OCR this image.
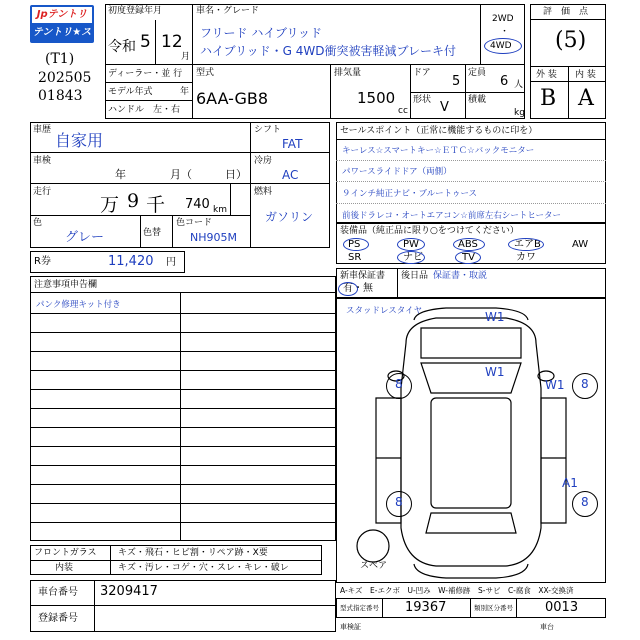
Jpテントリ
テントリ★スター
(T1)
202505
01843
初度登録年月
令和 5 12
月
ディーラー・並 行
モデル年式	年
ハンドル　左・右
車名・グレード
フリード ハイブリッド
ハイブリッド・G 4WD衝突被害軽減ブレーキ付
2WD
・
4WD
型式
6AA-GB8
排気量
1500
cc
ドア
5
定員
6 人
形状 V 積載
kg
評　価　点
(5)
外 装 内 装
B A
車歴
自家用
車検
年　　　　月（　　　日）
走行
万 9 千 740 km
色
グレー	色替
色コード
NH905M
シフト
FAT
冷房
AC
燃料
ガソリン
セールスポイント（正常に機能するものに印を）
キーレス☆スマートキー☆ＥＴＣ☆バックモニター
パワースライドドア（両側）
９インチ純正ナビ・ブルートゥース
前後ドラレコ・オートエアコン☆前席左右シートヒーター
装備品（純正品に限り○をつけてください）
PS	PW	ABS	エアB	AW
SR	ナビ	TV	カワ
R券	11,420 円
新車保証書
有・無
後日品 保証書・取説
注意事項申告欄
パンク修理キット付き
スタッドレスタイヤ
8	8
8	8
W1
W1
W1
A1
スペア
フロントガラス キズ・飛石・ヒビ割・リペア跡・X要
内装	キズ・汚レ・コゲ・穴・スレ・キレ・破レ
車台番号 3209417
登録番号
A-キズ　E-エクボ　U-凹み　W-補修跡　S-サビ　C-腐食　XX-交換済
型式指定番号 19367	類別区分番号 0013
車検証	車台
